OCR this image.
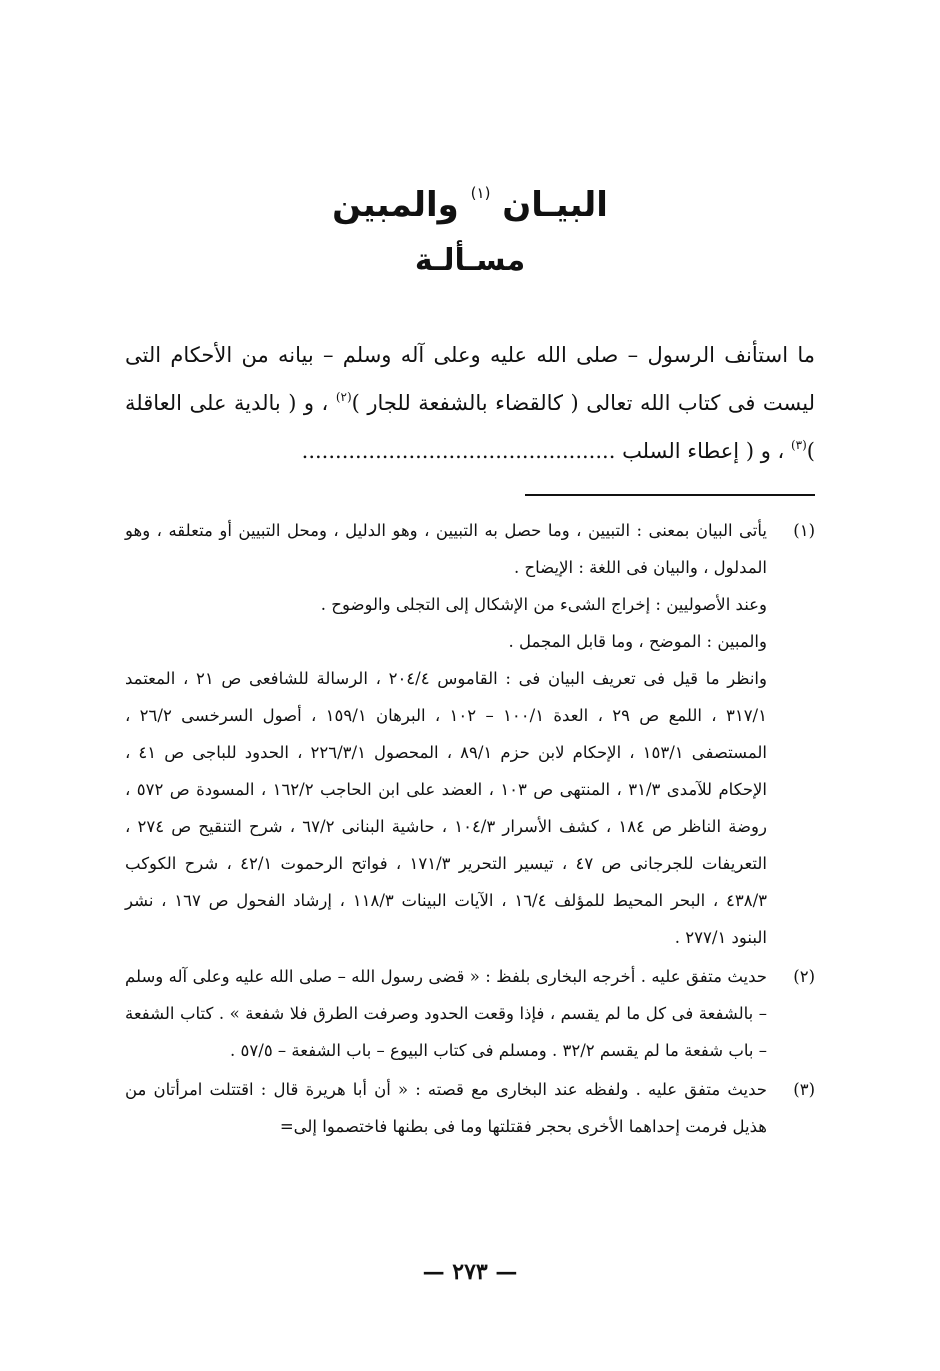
البيـان $^{(١)}$ والمبين
مسـألـة

ما استأنف الرسول – صلى الله عليه وعلى آله وسلم – بيانه من الأحكام التى ليست فى كتاب الله تعالى ( كالقضاء بالشفعة للجار )$^{(٢)}$ ، و ( بالدية على العاقلة )$^{(٣)}$ ، و ( إعطاء السلب ...............................................

(١)

يأتى البيان بمعنى : التبيين ، وما حصل به التبيين ، وهو الدليل ، ومحل التبيين أو متعلقه ، وهو المدلول ، والبيان فى اللغة : الإيضاح .

وعند الأصوليين : إخراج الشىء من الإشكال إلى التجلى والوضوح .

والمبين : الموضح ، وما قابل المجمل .

وانظر ما قيل فى تعريف البيان فى : القاموس ٢٠٤/٤ ، الرسالة للشافعى ص ٢١ ، المعتمد ٣١٧/١ ، اللمع ص ٢٩ ، العدة ١٠٠/١ – ١٠٢ ، البرهان ١٥٩/١ ، أصول السرخسى ٢٦/٢ ، المستصفى ١٥٣/١ ، الإحكام لابن حزم ٨٩/١ ، المحصول ٢٢٦/٣/١ ، الحدود للباجى ص ٤١ ، الإحكام للآمدى ٣١/٣ ، المنتهى ص ١٠٣ ، العضد على ابن الحاجب ١٦٢/٢ ، المسودة ص ٥٧٢ ، روضة الناظر ص ١٨٤ ، كشف الأسرار ١٠٤/٣ ، حاشية البنانى ٦٧/٢ ، شرح التنقيح ص ٢٧٤ ، التعريفات للجرجانى ص ٤٧ ، تيسير التحرير ١٧١/٣ ، فواتح الرحموت ٤٢/١ ، شرح الكوكب ٤٣٨/٣ ، البحر المحيط للمؤلف ١٦/٤ ، الآيات البينات ١١٨/٣ ، إرشاد الفحول ص ١٦٧ ، نشر البنود ٢٧٧/١ .

(٢)

حديث متفق عليه . أخرجه البخارى بلفظ : « قضى رسول الله – صلى الله عليه وعلى آله وسلم – بالشفعة فى كل ما لم يقسم ، فإذا وقعت الحدود وصرفت الطرق فلا شفعة » . كتاب الشفعة – باب شفعة ما لم يقسم ٣٢/٢ . ومسلم فى كتاب البيوع – باب الشفعة – ٥٧/٥ .

(٣)

حديث متفق عليه . ولفظه عند البخارى مع قصته : « أن أبا هريرة قال : اقتتلت امرأتان من هذيل فرمت إحداهما الأخرى بحجر فقتلتها وما فى بطنها فاختصموا إلى=

— ٢٧٣ —
